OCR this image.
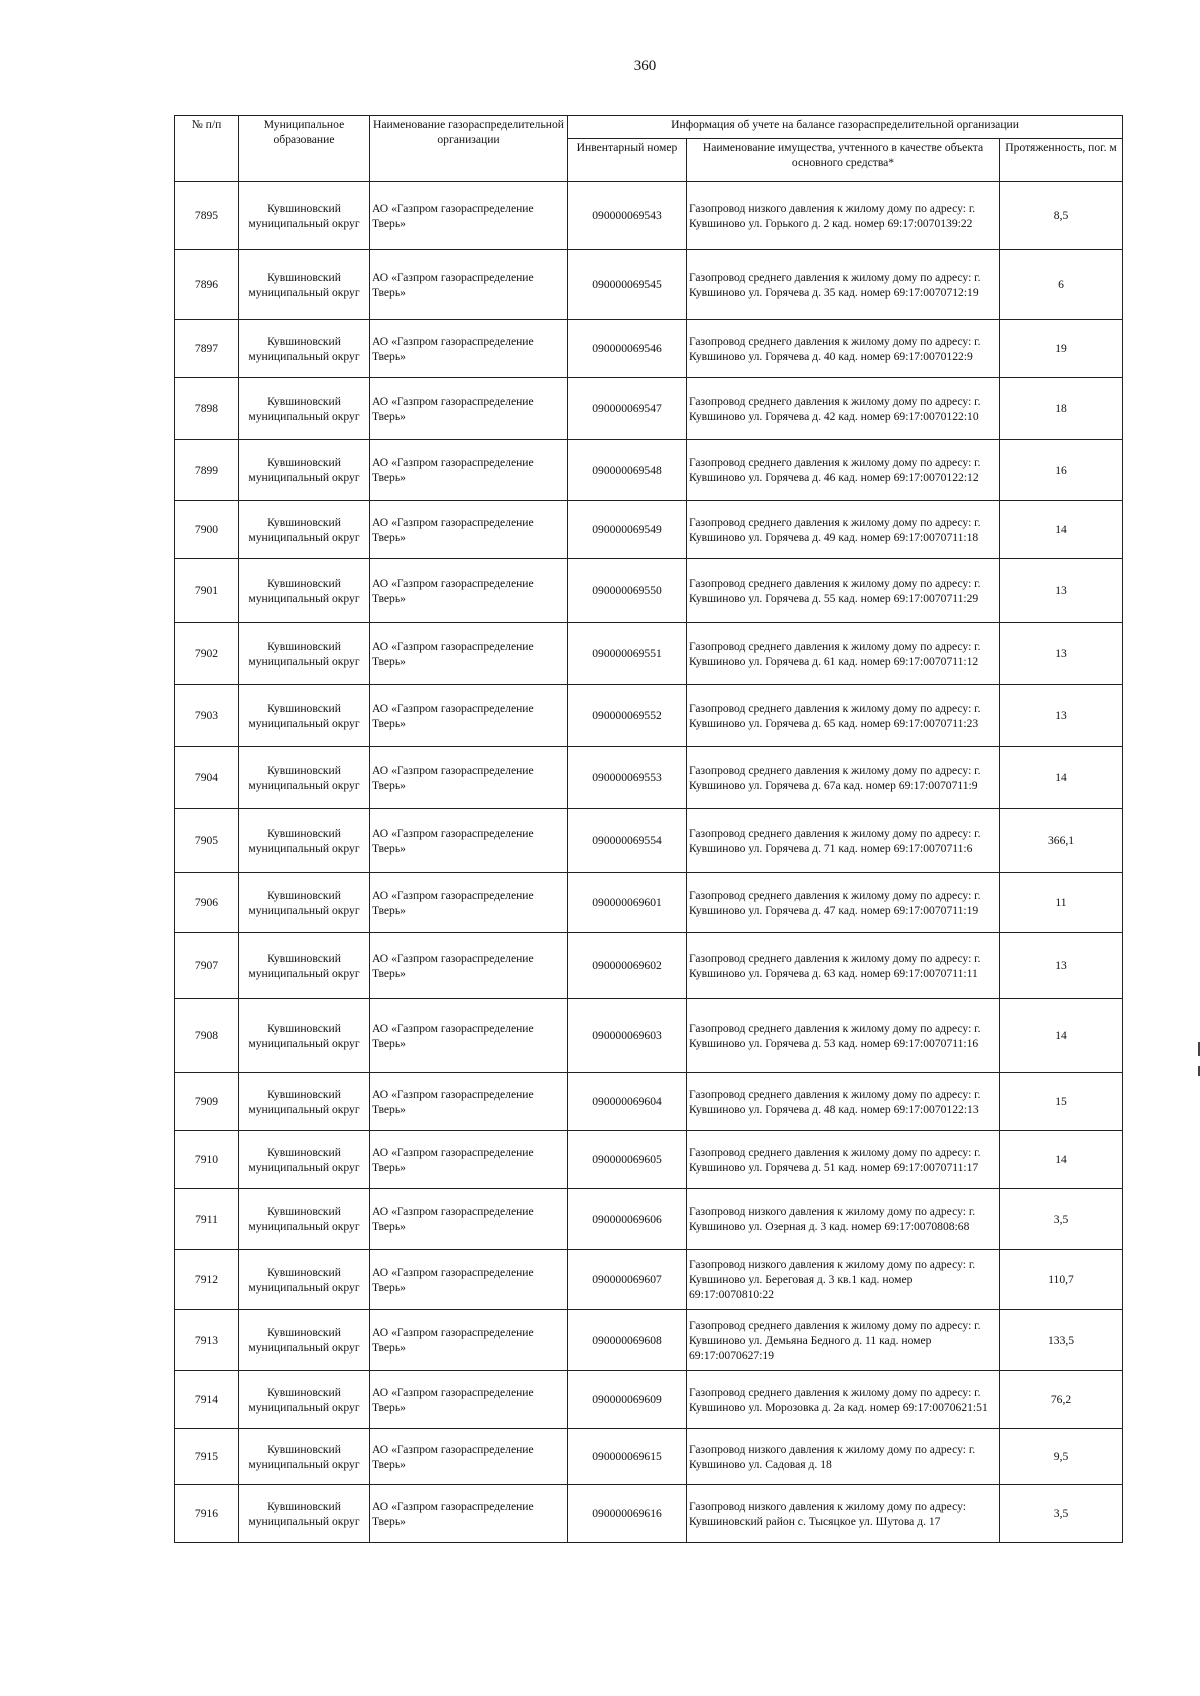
360
№ п/п	Муниципальное образование	Наименование газораспределительной организации	Информация об учете на балансе газораспределительной организации		
			Инвентарный номер	Наименование имущества, учтенного в качестве объекта основного средства*	Протяженность, пог. м
7895	Кувшиновский муниципальный округ	АО «Газпром газораспределение Тверь»	090000069543	Газопровод низкого давления к жилому дому по адресу: г. Кувшиново ул. Горького д. 2 кад. номер 69:17:0070139:22	8,5
7896	Кувшиновский муниципальный округ	АО «Газпром газораспределение Тверь»	090000069545	Газопровод среднего давления к жилому дому по адресу: г. Кувшиново ул. Горячева д. 35 кад. номер 69:17:0070712:19	6
7897	Кувшиновский муниципальный округ	АО «Газпром газораспределение Тверь»	090000069546	Газопровод среднего давления к жилому дому по адресу: г. Кувшиново ул. Горячева д. 40 кад. номер 69:17:0070122:9	19
7898	Кувшиновский муниципальный округ	АО «Газпром газораспределение Тверь»	090000069547	Газопровод среднего давления к жилому дому по адресу: г. Кувшиново ул. Горячева д. 42 кад. номер 69:17:0070122:10	18
7899	Кувшиновский муниципальный округ	АО «Газпром газораспределение Тверь»	090000069548	Газопровод среднего давления к жилому дому по адресу: г. Кувшиново ул. Горячева д. 46 кад. номер 69:17:0070122:12	16
7900	Кувшиновский муниципальный округ	АО «Газпром газораспределение Тверь»	090000069549	Газопровод среднего давления к жилому дому по адресу: г. Кувшиново ул. Горячева д. 49 кад. номер 69:17:0070711:18	14
7901	Кувшиновский муниципальный округ	АО «Газпром газораспределение Тверь»	090000069550	Газопровод среднего давления к жилому дому по адресу: г. Кувшиново ул. Горячева д. 55 кад. номер 69:17:0070711:29	13
7902	Кувшиновский муниципальный округ	АО «Газпром газораспределение Тверь»	090000069551	Газопровод среднего давления к жилому дому по адресу: г. Кувшиново ул. Горячева д. 61 кад. номер 69:17:0070711:12	13
7903	Кувшиновский муниципальный округ	АО «Газпром газораспределение Тверь»	090000069552	Газопровод среднего давления к жилому дому по адресу: г. Кувшиново ул. Горячева д. 65 кад. номер 69:17:0070711:23	13
7904	Кувшиновский муниципальный округ	АО «Газпром газораспределение Тверь»	090000069553	Газопровод среднего давления к жилому дому по адресу: г. Кувшиново ул. Горячева д. 67а кад. номер 69:17:0070711:9	14
7905	Кувшиновский муниципальный округ	АО «Газпром газораспределение Тверь»	090000069554	Газопровод среднего давления к жилому дому по адресу: г. Кувшиново ул. Горячева д. 71 кад. номер 69:17:0070711:6	366,1
7906	Кувшиновский муниципальный округ	АО «Газпром газораспределение Тверь»	090000069601	Газопровод среднего давления к жилому дому по адресу: г. Кувшиново ул. Горячева д. 47 кад. номер 69:17:0070711:19	11
7907	Кувшиновский муниципальный округ	АО «Газпром газораспределение Тверь»	090000069602	Газопровод среднего давления к жилому дому по адресу: г. Кувшиново ул. Горячева д. 63 кад. номер 69:17:0070711:11	13
7908	Кувшиновский муниципальный округ	АО «Газпром газораспределение Тверь»	090000069603	Газопровод среднего давления к жилому дому по адресу: г. Кувшиново ул. Горячева д. 53 кад. номер 69:17:0070711:16	14
7909	Кувшиновский муниципальный округ	АО «Газпром газораспределение Тверь»	090000069604	Газопровод среднего давления к жилому дому по адресу: г. Кувшиново ул. Горячева д. 48 кад. номер 69:17:0070122:13	15
7910	Кувшиновский муниципальный округ	АО «Газпром газораспределение Тверь»	090000069605	Газопровод среднего давления к жилому дому по адресу: г. Кувшиново ул. Горячева д. 51 кад. номер 69:17:0070711:17	14
7911	Кувшиновский муниципальный округ	АО «Газпром газораспределение Тверь»	090000069606	Газопровод низкого давления к жилому дому по адресу: г. Кувшиново ул. Озерная д. 3 кад. номер 69:17:0070808:68	3,5
7912	Кувшиновский муниципальный округ	АО «Газпром газораспределение Тверь»	090000069607	Газопровод низкого давления к жилому дому по адресу: г. Кувшиново ул. Береговая д. 3 кв.1 кад. номер 69:17:0070810:22	110,7
7913	Кувшиновский муниципальный округ	АО «Газпром газораспределение Тверь»	090000069608	Газопровод среднего давления к жилому дому по адресу: г. Кувшиново ул. Демьяна Бедного д. 11 кад. номер 69:17:0070627:19	133,5
7914	Кувшиновский муниципальный округ	АО «Газпром газораспределение Тверь»	090000069609	Газопровод среднего давления к жилому дому по адресу: г. Кувшиново ул. Морозовка д. 2а кад. номер 69:17:0070621:51	76,2
7915	Кувшиновский муниципальный округ	АО «Газпром газораспределение Тверь»	090000069615	Газопровод низкого давления к жилому дому по адресу: г. Кувшиново ул. Садовая д. 18	9,5
7916	Кувшиновский муниципальный округ	АО «Газпром газораспределение Тверь»	090000069616	Газопровод низкого давления к жилому дому по адресу: Кувшиновский район с. Тысяцкое ул. Шутова д. 17	3,5
